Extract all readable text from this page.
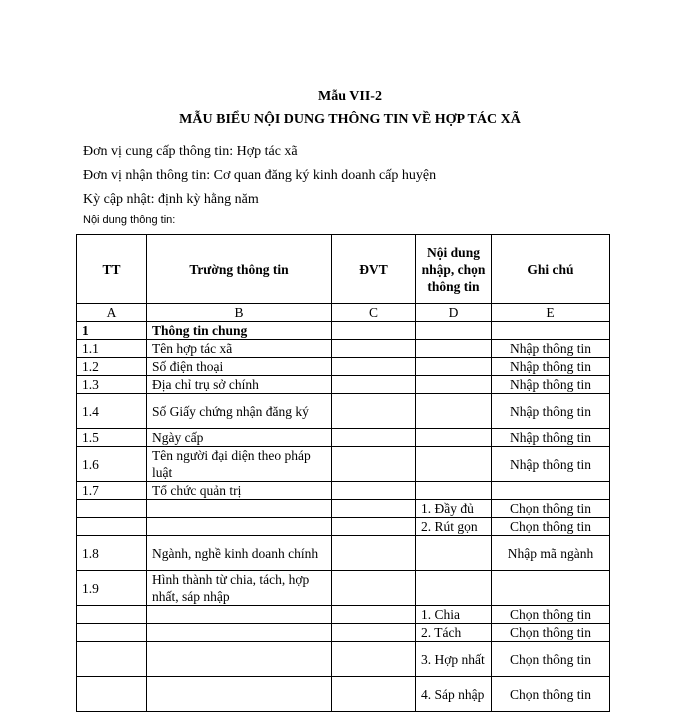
Mẫu VII-2
MẪU BIỂU NỘI DUNG THÔNG TIN VỀ HỢP TÁC XÃ
Đơn vị cung cấp thông tin: Hợp tác xã
Đơn vị nhận thông tin: Cơ quan đăng ký kinh doanh cấp huyện
Kỳ cập nhật: định kỳ hằng năm
Nội dung thông tin:
TT	Trường thông tin	ĐVT	Nội dung nhập, chọn thông tin	Ghi chú
A	B	C	D	E
1	Thông tin chung			
1.1	Tên hợp tác xã			Nhập thông tin
1.2	Số điện thoại			Nhập thông tin
1.3	Địa chỉ trụ sở chính			Nhập thông tin
1.4	Số Giấy chứng nhận đăng ký			Nhập thông tin
1.5	Ngày cấp			Nhập thông tin
1.6	Tên người đại diện theo pháp luật			Nhập thông tin
1.7	Tổ chức quản trị			
			1. Đầy đủ	Chọn thông tin
			2. Rút gọn	Chọn thông tin
1.8	Ngành, nghề kinh doanh chính			Nhập mã ngành
1.9	Hình thành từ chia, tách, hợp nhất, sáp nhập			
			1. Chia	Chọn thông tin
			2. Tách	Chọn thông tin
			3. Hợp nhất	Chọn thông tin
			4. Sáp nhập	Chọn thông tin
